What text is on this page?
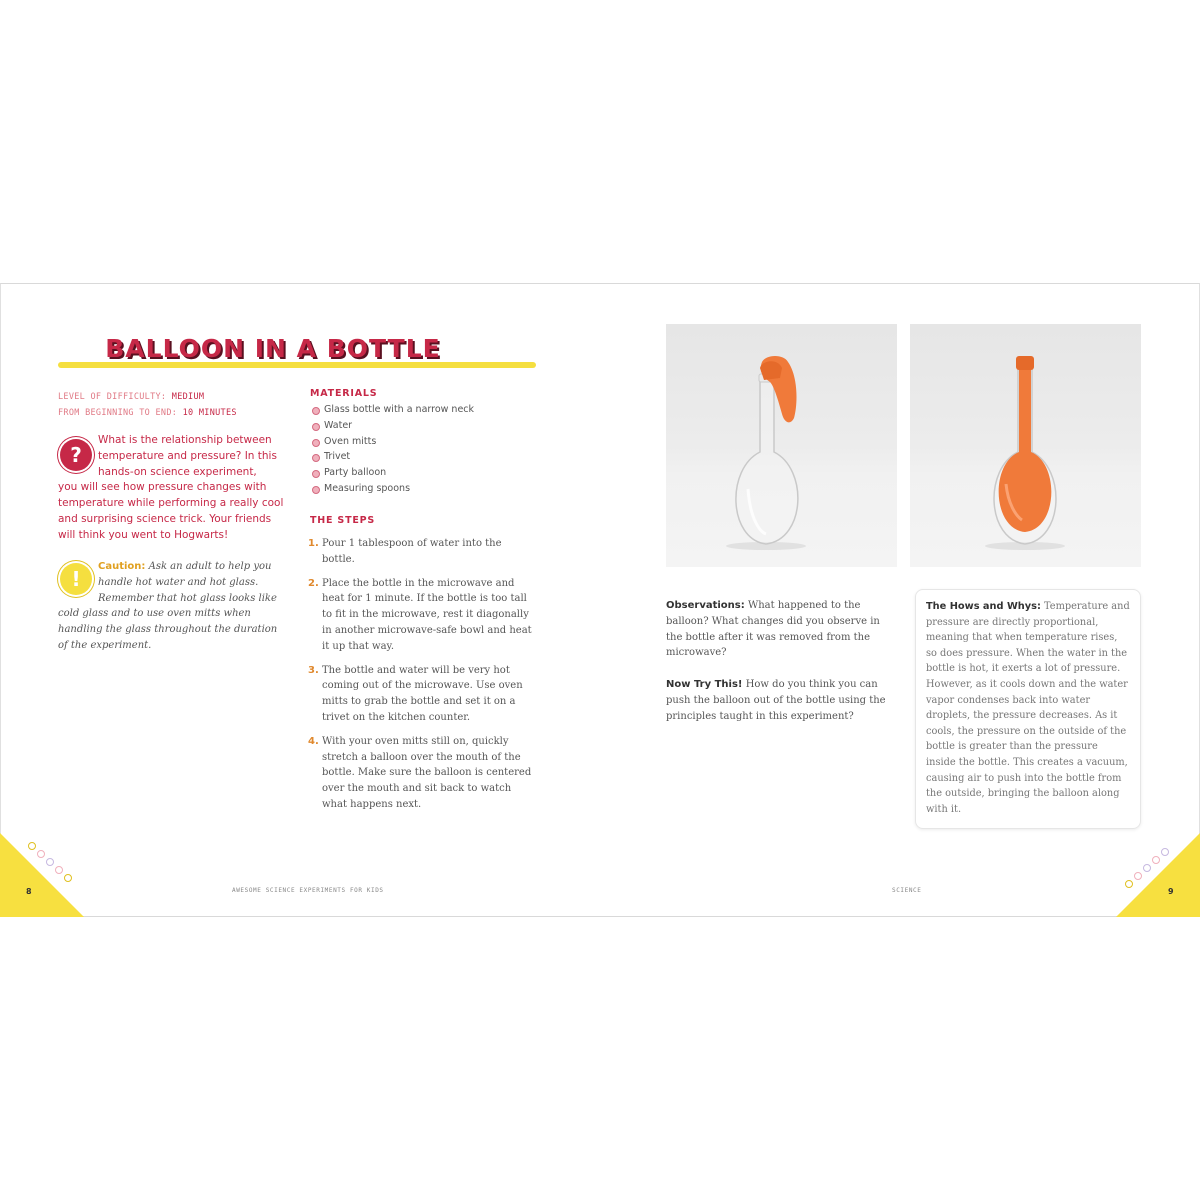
BALLOON IN A BOTTLE
LEVEL OF DIFFICULTY: MEDIUM
FROM BEGINNING TO END: 10 MINUTES
What is the relationship between temperature and pressure? In this hands-on science experiment,
you will see how pressure changes with temperature while performing a really cool and surprising science trick. Your friends will think you went to Hogwarts!
?
Caution: Ask an adult to help you handle hot water and hot glass. Remember that hot glass looks like
cold glass and to use oven mitts when handling the glass throughout the duration of the experiment.
!
MATERIALS
Glass bottle with a narrow neck
Water
Oven mitts
Trivet
Party balloon
Measuring spoons
THE STEPS
1. Pour 1 tablespoon of water into the bottle.
2. Place the bottle in the microwave and heat for 1 minute. If the bottle is too tall to fit in the microwave, rest it diagonally in another microwave-safe bowl and heat it up that way.
3. The bottle and water will be very hot coming out of the microwave. Use oven mitts to grab the bottle and set it on a trivet on the kitchen counter.
4. With your oven mitts still on, quickly stretch a balloon over the mouth of the bottle. Make sure the balloon is centered over the mouth and sit back to watch what happens next.

Observations: What happened to the balloon? What changes did you observe in the bottle after it was removed from the microwave?

Now Try This! How do you think you can push the balloon out of the bottle using the principles taught in this experiment?

The Hows and Whys: Temperature and pressure are directly proportional, meaning that when temperature rises, so does pressure. When the water in the bottle is hot, it exerts a lot of pressure. However, as it cools down and the water vapor condenses back into water droplets, the pressure decreases. As it cools, the pressure on the outside of the bottle is greater than the pressure inside the bottle. This creates a vacuum, causing air to push into the bottle from the outside, bringing the balloon along with it.
8	AWESOME SCIENCE EXPERIMENTS FOR KIDS	SCIENCE	9
